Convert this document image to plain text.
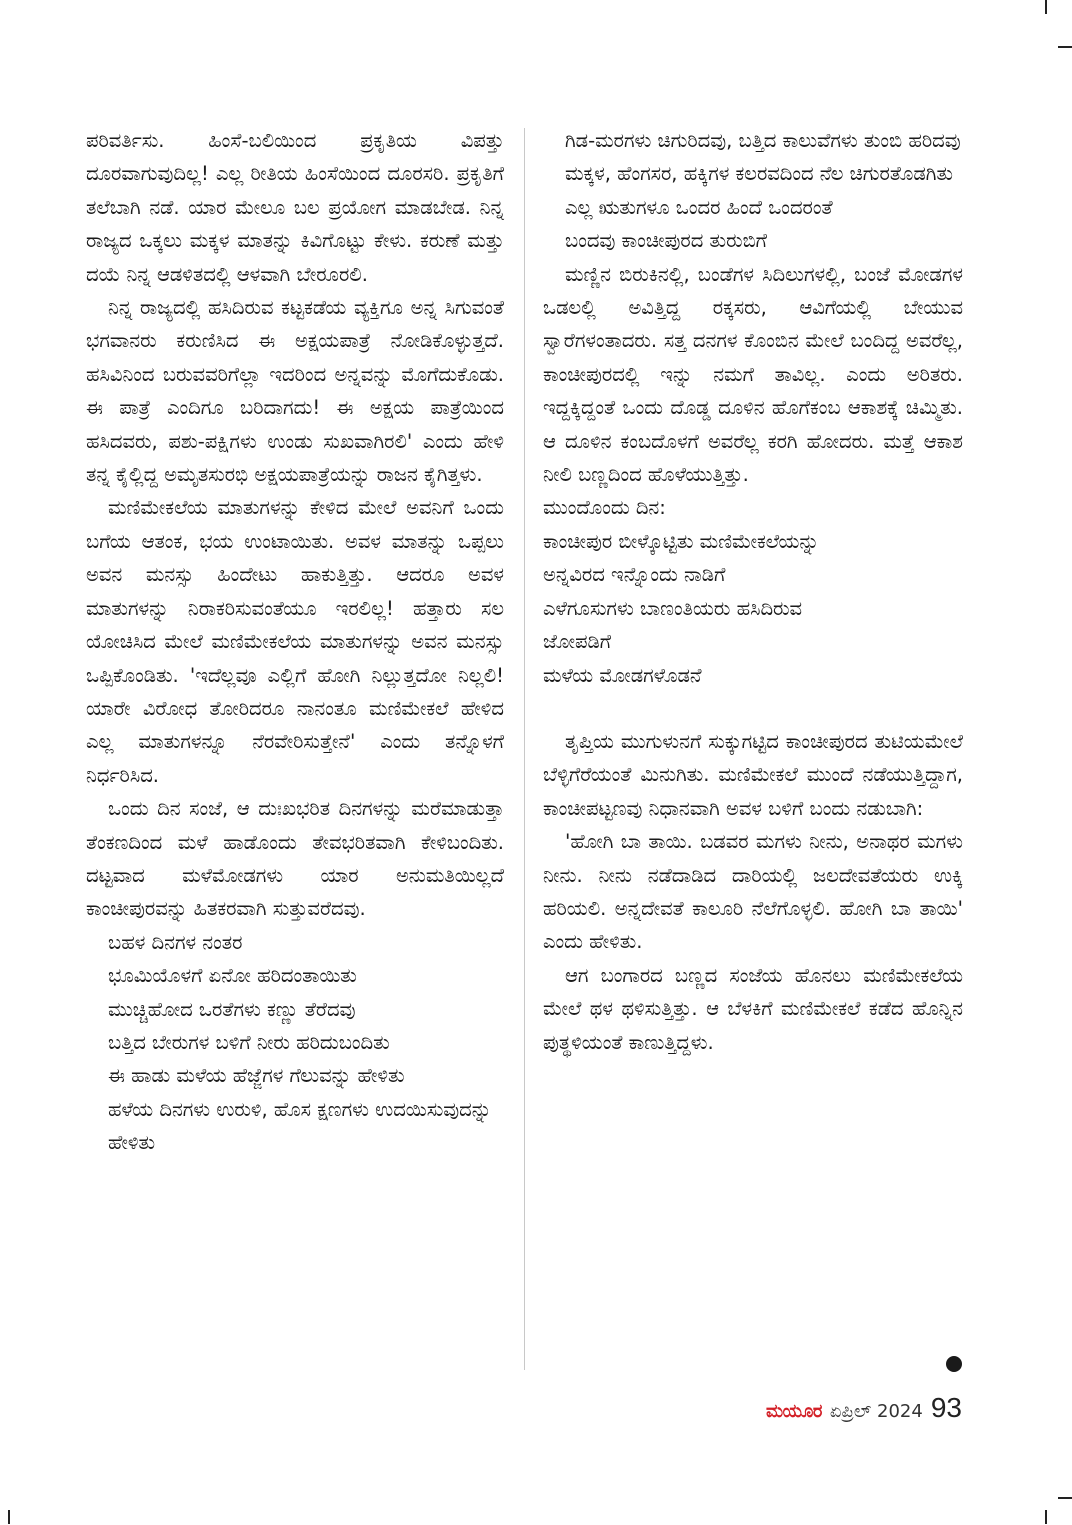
ಪರಿವರ್ತಿಸು. ಹಿಂಸೆ-ಬಲಿಯಿಂದ ಪ್ರಕೃತಿಯ ವಿಪತ್ತು ದೂರವಾಗುವುದಿಲ್ಲ! ಎಲ್ಲ ರೀತಿಯ ಹಿಂಸೆಯಿಂದ ದೂರಸರಿ. ಪ್ರಕೃತಿಗೆ ತಲೆಬಾಗಿ ನಡೆ. ಯಾರ ಮೇಲೂ ಬಲ ಪ್ರಯೋಗ ಮಾಡಬೇಡ. ನಿನ್ನ ರಾಜ್ಯದ ಒಕ್ಕಲು ಮಕ್ಕಳ ಮಾತನ್ನು ಕಿವಿಗೊಟ್ಟು ಕೇಳು. ಕರುಣೆ ಮತ್ತು ದಯೆ ನಿನ್ನ ಆಡಳಿತದಲ್ಲಿ ಆಳವಾಗಿ ಬೇರೂರಲಿ.

ನಿನ್ನ ರಾಜ್ಯದಲ್ಲಿ ಹಸಿದಿರುವ ಕಟ್ಟಕಡೆಯ ವ್ಯಕ್ತಿಗೂ ಅನ್ನ ಸಿಗುವಂತೆ ಭಗವಾನರು ಕರುಣಿಸಿದ ಈ ಅಕ್ಷಯಪಾತ್ರೆ ನೋಡಿಕೊಳ್ಳುತ್ತದೆ. ಹಸಿವಿನಿಂದ ಬರುವವರಿಗೆಲ್ಲಾ ಇದರಿಂದ ಅನ್ನವನ್ನು ಮೊಗೆದುಕೊಡು. ಈ ಪಾತ್ರೆ ಎಂದಿಗೂ ಬರಿದಾಗದು! ಈ ಅಕ್ಷಯ ಪಾತ್ರೆಯಿಂದ ಹಸಿದವರು, ಪಶು-ಪಕ್ಷಿಗಳು ಉಂಡು ಸುಖವಾಗಿರಲಿ' ಎಂದು ಹೇಳಿ ತನ್ನ ಕೈಲ್ಲಿದ್ದ ಅಮೃತಸುರಭಿ ಅಕ್ಷಯಪಾತ್ರೆಯನ್ನು ರಾಜನ ಕೈಗಿತ್ತಳು.

ಮಣಿಮೇಕಲೆಯ ಮಾತುಗಳನ್ನು ಕೇಳಿದ ಮೇಲೆ ಅವನಿಗೆ ಒಂದು ಬಗೆಯ ಆತಂಕ, ಭಯ ಉಂಟಾಯಿತು. ಅವಳ ಮಾತನ್ನು ಒಪ್ಪಲು ಅವನ ಮನಸ್ಸು ಹಿಂದೇಟು ಹಾಕುತ್ತಿತ್ತು. ಆದರೂ ಅವಳ ಮಾತುಗಳನ್ನು ನಿರಾಕರಿಸುವಂತೆಯೂ ಇರಲಿಲ್ಲ! ಹತ್ತಾರು ಸಲ ಯೋಚಿಸಿದ ಮೇಲೆ ಮಣಿಮೇಕಲೆಯ ಮಾತುಗಳನ್ನು ಅವನ ಮನಸ್ಸು ಒಪ್ಪಿಕೊಂಡಿತು. 'ಇದೆಲ್ಲವೂ ಎಲ್ಲಿಗೆ ಹೋಗಿ ನಿಲ್ಲುತ್ತದೋ ನಿಲ್ಲಲಿ! ಯಾರೇ ವಿರೋಧ ತೋರಿದರೂ ನಾನಂತೂ ಮಣಿಮೇಕಲೆ ಹೇಳಿದ ಎಲ್ಲ ಮಾತುಗಳನ್ನೂ ನೆರವೇರಿಸುತ್ತೇನೆ' ಎಂದು ತನ್ನೊಳಗೆ ನಿರ್ಧರಿಸಿದ.

ಒಂದು ದಿನ ಸಂಜೆ, ಆ ದುಃಖಭರಿತ ದಿನಗಳನ್ನು ಮರೆಮಾಡುತ್ತಾ ತೆಂಕಣದಿಂದ ಮಳೆ ಹಾಡೊಂದು ತೇವಭರಿತವಾಗಿ ಕೇಳಿಬಂದಿತು. ದಟ್ಟವಾದ ಮಳೆಮೋಡಗಳು ಯಾರ ಅನುಮತಿಯಿಲ್ಲದೆ ಕಾಂಚೀಪುರವನ್ನು ಹಿತಕರವಾಗಿ ಸುತ್ತುವರೆದವು.

ಬಹಳ ದಿನಗಳ ನಂತರ

ಭೂಮಿಯೊಳಗೆ ಏನೋ ಹರಿದಂತಾಯಿತು

ಮುಚ್ಚಿಹೋದ ಒರತೆಗಳು ಕಣ್ಣು ತೆರೆದವು

ಬತ್ತಿದ ಬೇರುಗಳ ಬಳಿಗೆ ನೀರು ಹರಿದುಬಂದಿತು

ಈ ಹಾಡು ಮಳೆಯ ಹೆಜ್ಜೆಗಳ ಗೆಲುವನ್ನು ಹೇಳಿತು

ಹಳೆಯ ದಿನಗಳು ಉರುಳಿ, ಹೊಸ ಕ್ಷಣಗಳು ಉದಯಿಸುವುದನ್ನು ಹೇಳಿತು

ಗಿಡ-ಮರಗಳು ಚಿಗುರಿದವು, ಬತ್ತಿದ ಕಾಲುವೆಗಳು ತುಂಬಿ ಹರಿದವು

ಮಕ್ಕಳ, ಹೆಂಗಸರ, ಹಕ್ಕಿಗಳ ಕಲರವದಿಂದ ನೆಲ ಚಿಗುರತೊಡಗಿತು

ಎಲ್ಲ ಋತುಗಳೂ ಒಂದರ ಹಿಂದೆ ಒಂದರಂತೆ

ಬಂದವು ಕಾಂಚೀಪುರದ ತುರುಬಿಗೆ

ಮಣ್ಣಿನ ಬಿರುಕಿನಲ್ಲಿ, ಬಂಡೆಗಳ ಸಿದಿಲುಗಳಲ್ಲಿ, ಬಂಜೆ ಮೋಡಗಳ ಒಡಲಲ್ಲಿ ಅವಿತ್ತಿದ್ದ ರಕ್ಕಸರು, ಆವಿಗೆಯಲ್ಲಿ ಬೇಯುವ ಸ್ವಾರೆಗಳಂತಾದರು. ಸತ್ತ ದನಗಳ ಕೊಂಬಿನ ಮೇಲೆ ಬಂದಿದ್ದ ಅವರೆಲ್ಲ, ಕಾಂಚೀಪುರದಲ್ಲಿ ಇನ್ನು ನಮಗೆ ತಾವಿಲ್ಲ. ಎಂದು ಅರಿತರು. ಇದ್ದಕ್ಕಿದ್ದಂತೆ ಒಂದು ದೊಡ್ಡ ದೂಳಿನ ಹೊಗೆಕಂಬ ಆಕಾಶಕ್ಕೆ ಚಿಮ್ಮಿತು. ಆ ದೂಳಿನ ಕಂಬದೊಳಗೆ ಅವರೆಲ್ಲ ಕರಗಿ ಹೋದರು. ಮತ್ತೆ ಆಕಾಶ ನೀಲಿ ಬಣ್ಣದಿಂದ ಹೊಳೆಯುತ್ತಿತ್ತು.

ಮುಂದೊಂದು ದಿನ:

ಕಾಂಚೀಪುರ ಬೀಳ್ಕೊಟ್ಟಿತು ಮಣಿಮೇಕಲೆಯನ್ನು

ಅನ್ನವಿರದ ಇನ್ನೊಂದು ನಾಡಿಗೆ

ಎಳೆಗೂಸುಗಳು ಬಾಣಂತಿಯರು ಹಸಿದಿರುವ

ಜೋಪಡಿಗೆ

ಮಳೆಯ ಮೋಡಗಳೊಡನೆ

ತೃಪ್ತಿಯ ಮುಗುಳುನಗೆ ಸುಕ್ಕುಗಟ್ಟಿದ ಕಾಂಚೀಪುರದ ತುಟಿಯಮೇಲೆ ಬೆಳ್ಳಿಗೆರೆಯಂತೆ ಮಿನುಗಿತು. ಮಣಿಮೇಕಲೆ ಮುಂದೆ ನಡೆಯುತ್ತಿದ್ದಾಗ, ಕಾಂಚೀಪಟ್ಟಣವು ನಿಧಾನವಾಗಿ ಅವಳ ಬಳಿಗೆ ಬಂದು ನಡುಬಾಗಿ:

'ಹೋಗಿ ಬಾ ತಾಯಿ. ಬಡವರ ಮಗಳು ನೀನು, ಅನಾಥರ ಮಗಳು ನೀನು. ನೀನು ನಡೆದಾಡಿದ ದಾರಿಯಲ್ಲಿ ಜಲದೇವತೆಯರು ಉಕ್ಕಿ ಹರಿಯಲಿ. ಅನ್ನದೇವತೆ ಕಾಲೂರಿ ನೆಲೆಗೊಳ್ಳಲಿ. ಹೋಗಿ ಬಾ ತಾಯಿ' ಎಂದು ಹೇಳಿತು.

ಆಗ ಬಂಗಾರದ ಬಣ್ಣದ ಸಂಜೆಯ ಹೊನಲು ಮಣಿಮೇಕಲೆಯ ಮೇಲೆ ಥಳ ಥಳಿಸುತ್ತಿತ್ತು. ಆ ಬೆಳಕಿಗೆ ಮಣಿಮೇಕಲೆ ಕಡೆದ ಹೊನ್ನಿನ ಪುತ್ಥಳಿಯಂತೆ ಕಾಣುತ್ತಿದ್ದಳು.

ಮಯೂರ ಏಪ್ರಿಲ್ 2024 93
